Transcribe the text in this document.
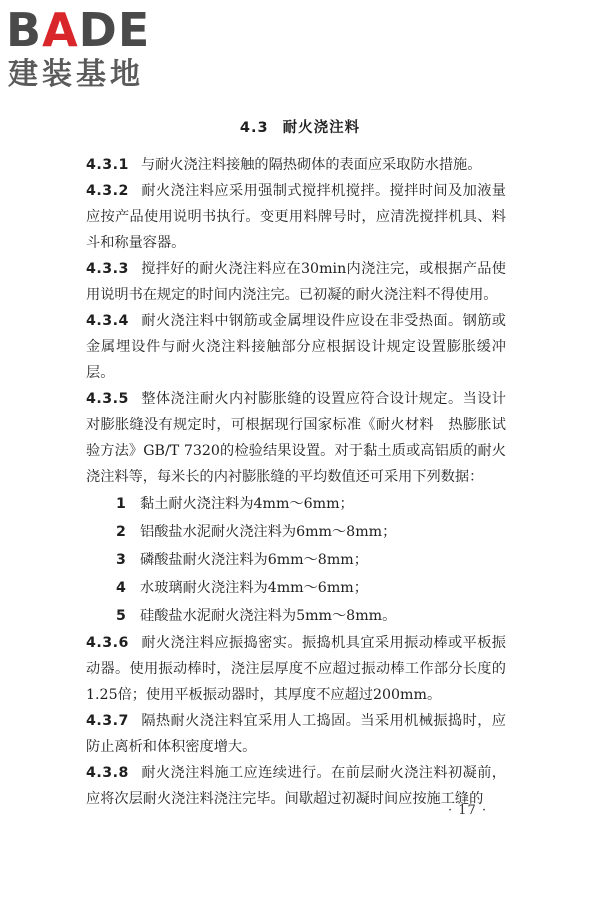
BADE
建装基地
4.3 耐火浇注料

4.3.1 与耐火浇注料接触的隔热砌体的表面应采取防水措施。

4.3.2 耐火浇注料应采用强制式搅拌机搅拌。搅拌时间及加液量应按产品使用说明书执行。变更用料牌号时，应清洗搅拌机具、料斗和称量容器。

4.3.3 搅拌好的耐火浇注料应在30min内浇注完，或根据产品使用说明书在规定的时间内浇注完。已初凝的耐火浇注料不得使用。

4.3.4 耐火浇注料中钢筋或金属埋设件应设在非受热面。钢筋或金属埋设件与耐火浇注料接触部分应根据设计规定设置膨胀缓冲层。

4.3.5 整体浇注耐火内衬膨胀缝的设置应符合设计规定。当设计对膨胀缝没有规定时，可根据现行国家标准《耐火材料　热膨胀试验方法》GB/T 7320的检验结果设置。对于黏土质或高铝质的耐火浇注料等，每米长的内衬膨胀缝的平均数值还可采用下列数据：

1 黏土耐火浇注料为4mm～6mm；

2 铝酸盐水泥耐火浇注料为6mm～8mm；

3 磷酸盐耐火浇注料为6mm～8mm；

4 水玻璃耐火浇注料为4mm～6mm；

5 硅酸盐水泥耐火浇注料为5mm～8mm。

4.3.6 耐火浇注料应振捣密实。振捣机具宜采用振动棒或平板振动器。使用振动棒时，浇注层厚度不应超过振动棒工作部分长度的1.25倍；使用平板振动器时，其厚度不应超过200mm。

4.3.7 隔热耐火浇注料宜采用人工捣固。当采用机械振捣时，应防止离析和体积密度增大。

4.3.8 耐火浇注料施工应连续进行。在前层耐火浇注料初凝前，应将次层耐火浇注料浇注完毕。间歇超过初凝时间应按施工缝的

· 17 ·
